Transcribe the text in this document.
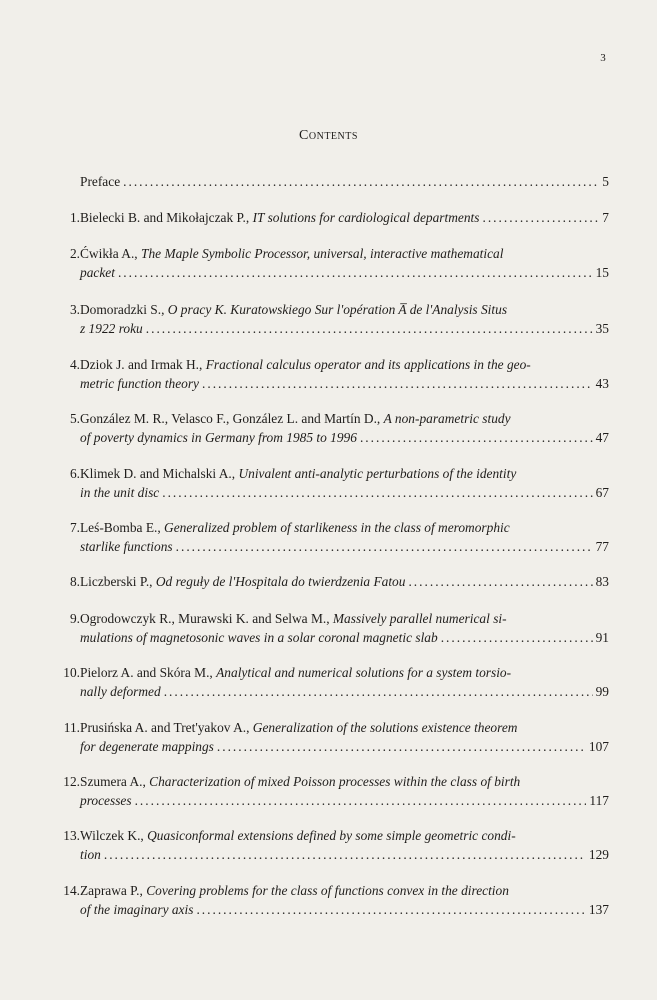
3
Contents
Preface .....	5
1. Bielecki B. and Mikołajczak P., IT solutions for cardiological departments .....	7
2. Ćwikła A., The Maple Symbolic Processor, universal, interactive mathematical
packet .....	15
3. Domoradzki S., O pracy K. Kuratowskiego Sur l'opération A̅ de l'Analysis Situs
z 1922 roku .....	35
4. Dziok J. and Irmak H., Fractional calculus operator and its applications in the geo-
metric function theory .....	43
5. González M. R., Velasco F., González L. and Martín D., A non-parametric study
of poverty dynamics in Germany from 1985 to 1996 .....	47
6. Klimek D. and Michalski A., Univalent anti-analytic perturbations of the identity
in the unit disc .....	67
7. Leś-Bomba E., Generalized problem of starlikeness in the class of meromorphic
starlike functions .....	77
8. Liczberski P., Od reguły de l'Hospitala do twierdzenia Fatou .....	83
9. Ogrodowczyk R., Murawski K. and Selwa M., Massively parallel numerical si-
mulations of magnetosonic waves in a solar coronal magnetic slab .....	91
10. Pielorz A. and Skóra M., Analytical and numerical solutions for a system torsio-
nally deformed .....	99
11. Prusińska A. and Tret'yakov A., Generalization of the solutions existence theorem
for degenerate mappings .....	107
12. Szumera A., Characterization of mixed Poisson processes within the class of birth
processes .....	117
13. Wilczek K., Quasiconformal extensions defined by some simple geometric condi-
tion .....	129
14. Zaprawa P., Covering problems for the class of functions convex in the direction
of the imaginary axis .....	137
